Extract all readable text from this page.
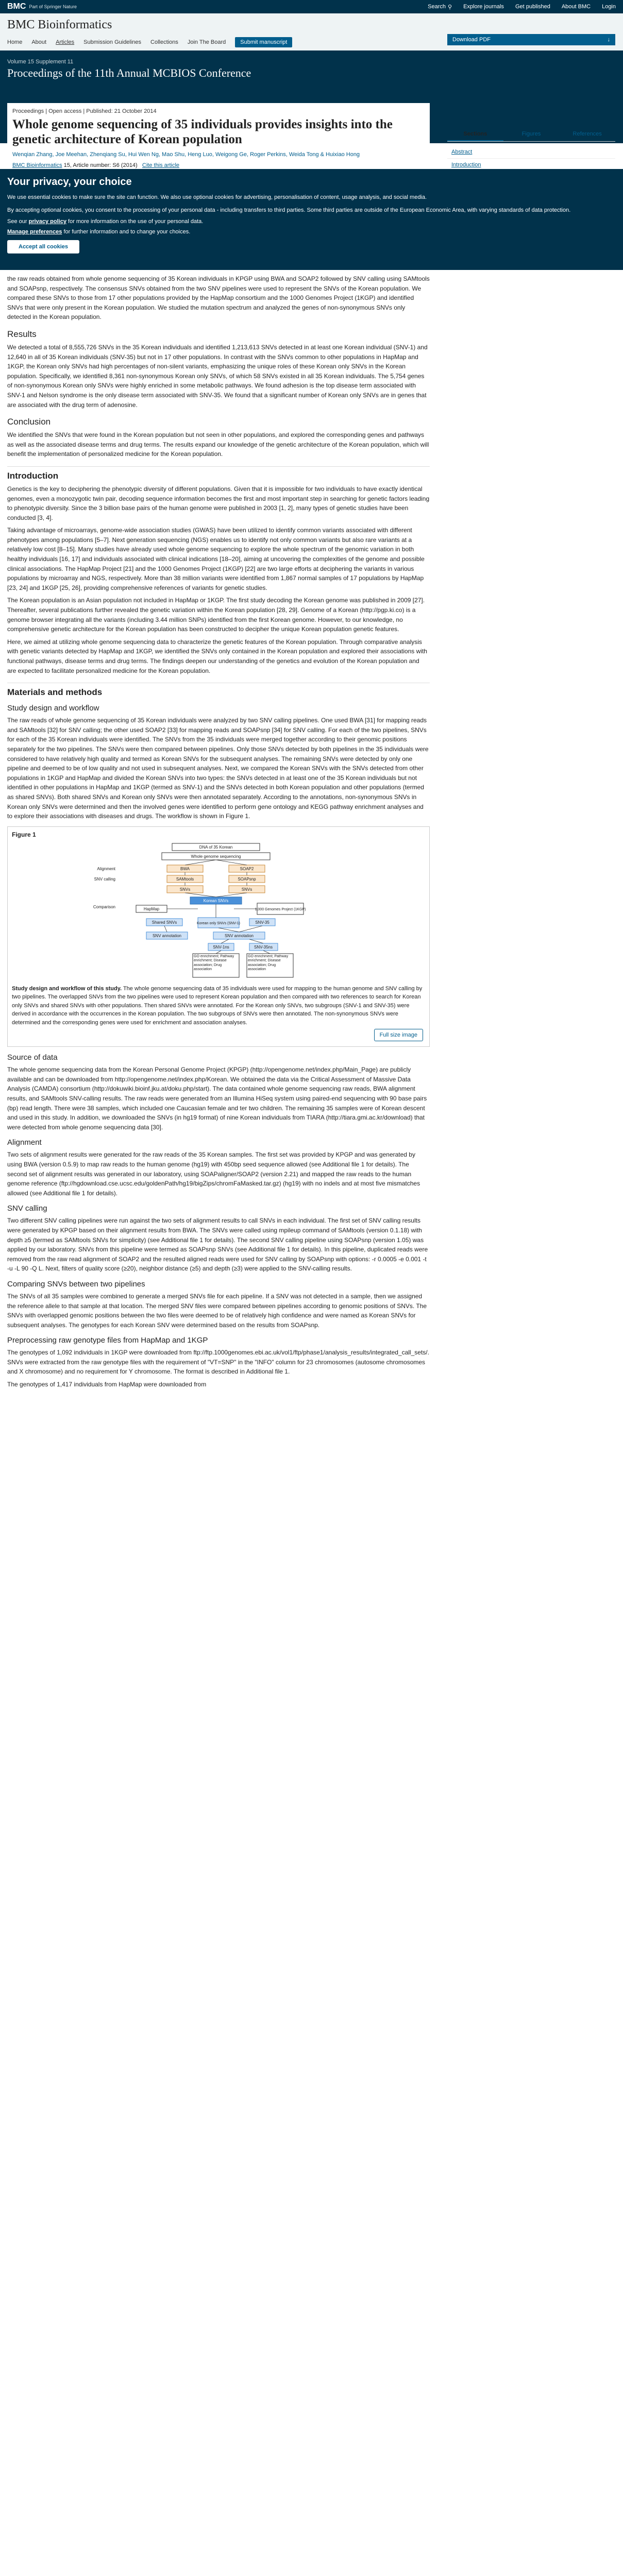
BMC Part of Springer Nature	Search ⚲ Explore journals Get published About BMC Login
BMC Bioinformatics
Home About Articles Submission Guidelines Collections Join The Board	Submit manuscript
Volume 15 Supplement 11
Proceedings of the 11th Annual MCBIOS Conference
Download PDF	↓
Sections	Figures	References
Abstract
Introduction
Proceedings | Open access | Published: 21 October 2014
Whole genome sequencing of 35 individuals provides insights into the genetic architecture of Korean population
Wenqian Zhang, Joe Meehan, Zhenqiang Su, Hui Wen Ng, Mao Shu, Heng Luo, Weigong Ge, Roger Perkins, Weida Tong & Huixiao Hong
BMC Bioinformatics 15, Article number: S6 (2014) Cite this article
Your privacy, your choice

We use essential cookies to make sure the site can function. We also use optional cookies for advertising, personalisation of content, usage analysis, and social media.

By accepting optional cookies, you consent to the processing of your personal data - including transfers to third parties. Some third parties are outside of the European Economic Area, with varying standards of data protection.

See our privacy policy for more information on the use of your personal data.
Manage preferences for further information and to change your choices.
Accept all cookies

the raw reads obtained from whole genome sequencing of 35 Korean individuals in KPGP using BWA and SOAP2 followed by SNV calling using SAMtools and SOAPsnp, respectively. The consensus SNVs obtained from the two SNV pipelines were used to represent the SNVs of the Korean population. We compared these SNVs to those from 17 other populations provided by the HapMap consortium and the 1000 Genomes Project (1KGP) and identified SNVs that were only present in the Korean population. We studied the mutation spectrum and analyzed the genes of non-synonymous SNVs only detected in the Korean population.

Results

We detected a total of 8,555,726 SNVs in the 35 Korean individuals and identified 1,213,613 SNVs detected in at least one Korean individual (SNV-1) and 12,640 in all of 35 Korean individuals (SNV-35) but not in 17 other populations. In contrast with the SNVs common to other populations in HapMap and 1KGP, the Korean only SNVs had high percentages of non-silent variants, emphasizing the unique roles of these Korean only SNVs in the Korean population. Specifically, we identified 8,361 non-synonymous Korean only SNVs, of which 58 SNVs existed in all 35 Korean individuals. The 5,754 genes of non-synonymous Korean only SNVs were highly enriched in some metabolic pathways. We found adhesion is the top disease term associated with SNV-1 and Nelson syndrome is the only disease term associated with SNV-35. We found that a significant number of Korean only SNVs are in genes that are associated with the drug term of adenosine.

Conclusion

We identified the SNVs that were found in the Korean population but not seen in other populations, and explored the corresponding genes and pathways as well as the associated disease terms and drug terms. The results expand our knowledge of the genetic architecture of the Korean population, which will benefit the implementation of personalized medicine for the Korean population.

Introduction

Genetics is the key to deciphering the phenotypic diversity of different populations. Given that it is impossible for two individuals to have exactly identical genomes, even a monozygotic twin pair, decoding sequence information becomes the first and most important step in searching for genetic factors leading to phenotypic diversity. Since the 3 billion base pairs of the human genome were published in 2003 [1, 2], many types of genetic studies have been conducted [3, 4].

Taking advantage of microarrays, genome-wide association studies (GWAS) have been utilized to identify common variants associated with different phenotypes among populations [5–7]. Next generation sequencing (NGS) enables us to identify not only common variants but also rare variants at a relatively low cost [8–15]. Many studies have already used whole genome sequencing to explore the whole spectrum of the genomic variation in both healthy individuals [16, 17] and individuals associated with clinical indications [18–20], aiming at uncovering the complexities of the genome and possible clinical associations. The HapMap Project [21] and the 1000 Genomes Project (1KGP) [22] are two large efforts at deciphering the variants in various populations by microarray and NGS, respectively. More than 38 million variants were identified from 1,867 normal samples of 17 populations by HapMap [23, 24] and 1KGP [25, 26], providing comprehensive references of variants for genetic studies.

The Korean population is an Asian population not included in HapMap or 1KGP. The first study decoding the Korean genome was published in 2009 [27]. Thereafter, several publications further revealed the genetic variation within the Korean population [28, 29]. Genome of a Korean (http://pgp.ki.co) is a genome browser integrating all the variants (including 3.44 million SNPs) identified from the first Korean genome. However, to our knowledge, no comprehensive genetic architecture for the Korean population has been constructed to decipher the unique Korean population genetic features.

Here, we aimed at utilizing whole genome sequencing data to characterize the genetic features of the Korean population. Through comparative analysis with genetic variants detected by HapMap and 1KGP, we identified the SNVs only contained in the Korean population and explored their associations with functional pathways, disease terms and drug terms. The findings deepen our understanding of the genetics and evolution of the Korean population and are expected to facilitate personalized medicine for the Korean population.

Materials and methods
Study design and workflow

The raw reads of whole genome sequencing of 35 Korean individuals were analyzed by two SNV calling pipelines. One used BWA [31] for mapping reads and SAMtools [32] for SNV calling; the other used SOAP2 [33] for mapping reads and SOAPsnp [34] for SNV calling. For each of the two pipelines, SNVs for each of the 35 Korean individuals were identified. The SNVs from the 35 individuals were merged together according to their genomic positions separately for the two pipelines. The SNVs were then compared between pipelines. Only those SNVs detected by both pipelines in the 35 individuals were considered to have relatively high quality and termed as Korean SNVs for the subsequent analyses. The remaining SNVs were detected by only one pipeline and deemed to be of low quality and not used in subsequent analyses. Next, we compared the Korean SNVs with the SNVs detected from other populations in 1KGP and HapMap and divided the Korean SNVs into two types: the SNVs detected in at least one of the 35 Korean individuals but not identified in other populations in HapMap and 1KGP (termed as SNV-1) and the SNVs detected in both Korean population and other populations (termed as shared SNVs). Both shared SNVs and Korean only SNVs were then annotated separately. According to the annotations, non-synonymous SNVs in Korean only SNVs were determined and then the involved genes were identified to perform gene ontology and KEGG pathway enrichment analyses and to explore their associations with diseases and drugs. The workflow is shown in Figure 1.

Figure 1
DNA of 35 Korean
Whole genome sequencing
Alignment
SNV calling
BWA	SOAP2
SAMtools	SOAPsnp
SNVs	SNVs
Comparison
Korean SNVs
HapMap	1,000 Genomes Project (1KGP)
Shared SNVs	Korean only SNVs (SNV-1)	SNV-35
SNV annotation	SNV annotation
SNV-1ns	SNV-35ns
GO enrichment; Pathway enrichment; Disease association; Drug association
GO enrichment; Pathway enrichment; Disease association; Drug association
Study design and workflow of this study. The whole genome sequencing data of 35 individuals were used for mapping to the human genome and SNV calling by two pipelines. The overlapped SNVs from the two pipelines were used to represent Korean population and then compared with two references to search for Korean only SNVs and shared SNVs with other populations. Then shared SNVs were annotated. For the Korean only SNVs, two subgroups (SNV-1 and SNV-35) were derived in accordance with the occurrences in the Korean population. The two subgroups of SNVs were then annotated. The non-synonymous SNVs were determined and the corresponding genes were used for enrichment and association analyses.
Full size image
Source of data

The whole genome sequencing data from the Korean Personal Genome Project (KPGP) (http://opengenome.net/index.php/Main_Page) are publicly available and can be downloaded from http://opengenome.net/index.php/Korean. We obtained the data via the Critical Assessment of Massive Data Analysis (CAMDA) consortium (http://dokuwiki.bioinf.jku.at/doku.php/start). The data contained whole genome sequencing raw reads, BWA alignment results, and SAMtools SNV-calling results. The raw reads were generated from an Illumina HiSeq system using paired-end sequencing with 90 base pairs (bp) read length. There were 38 samples, which included one Caucasian female and ter two children. The remaining 35 samples were of Korean descent and used in this study. In addition, we downloaded the SNVs (in hg19 format) of nine Korean individuals from TIARA (http://tiara.gmi.ac.kr/download) that were detected from whole genome sequencing data [30].

Alignment

Two sets of alignment results were generated for the raw reads of the 35 Korean samples. The first set was provided by KPGP and was generated by using BWA (version 0.5.9) to map raw reads to the human genome (hg19) with 450bp seed sequence allowed (see Additional file 1 for details). The second set of alignment results was generated in our laboratory, using SOAPaligner/SOAP2 (version 2.21) and mapped the raw reads to the human genome reference (ftp://hgdownload.cse.ucsc.edu/goldenPath/hg19/bigZips/chromFaMasked.tar.gz) (hg19) with no indels and at most five mismatches allowed (see Additional file 1 for details).

SNV calling

Two different SNV calling pipelines were run against the two sets of alignment results to call SNVs in each individual. The first set of SNV calling results were generated by KPGP based on their alignment results from BWA. The SNVs were called using mpileup command of SAMtools (version 0.1.18) with depth ≥5 (termed as SAMtools SNVs for simplicity) (see Additional file 1 for details). The second SNV calling pipeline using SOAPsnp (version 1.05) was applied by our laboratory. SNVs from this pipeline were termed as SOAPsnp SNVs (see Additional file 1 for details). In this pipeline, duplicated reads were removed from the raw read alignment of SOAP2 and the resulted aligned reads were used for SNV calling by SOAPsnp with options: -r 0.0005 -e 0.001 -t -u -L 90 -Q L. Next, filters of quality score (≥20), neighbor distance (≥5) and depth (≥3) were applied to the SNV-calling results.

Comparing SNVs between two pipelines

The SNVs of all 35 samples were combined to generate a merged SNVs file for each pipeline. If a SNV was not detected in a sample, then we assigned the reference allele to that sample at that location. The merged SNV files were compared between pipelines according to genomic positions of SNVs. The SNVs with overlapped genomic positions between the two files were deemed to be of relatively high confidence and were named as Korean SNVs for subsequent analyses. The genotypes for each Korean SNV were determined based on the results from SOAPsnp.

Preprocessing raw genotype files from HapMap and 1KGP

The genotypes of 1,092 individuals in 1KGP were downloaded from ftp://ftp.1000genomes.ebi.ac.uk/vol1/ftp/phase1/analysis_results/integrated_call_sets/. SNVs were extracted from the raw genotype files with the requirement of "VT=SNP" in the "INFO" column for 23 chromosomes (autosome chromosomes and X chromosome) and no requirement for Y chromosome. The format is described in Additional file 1.

The genotypes of 1,417 individuals from HapMap were downloaded from
